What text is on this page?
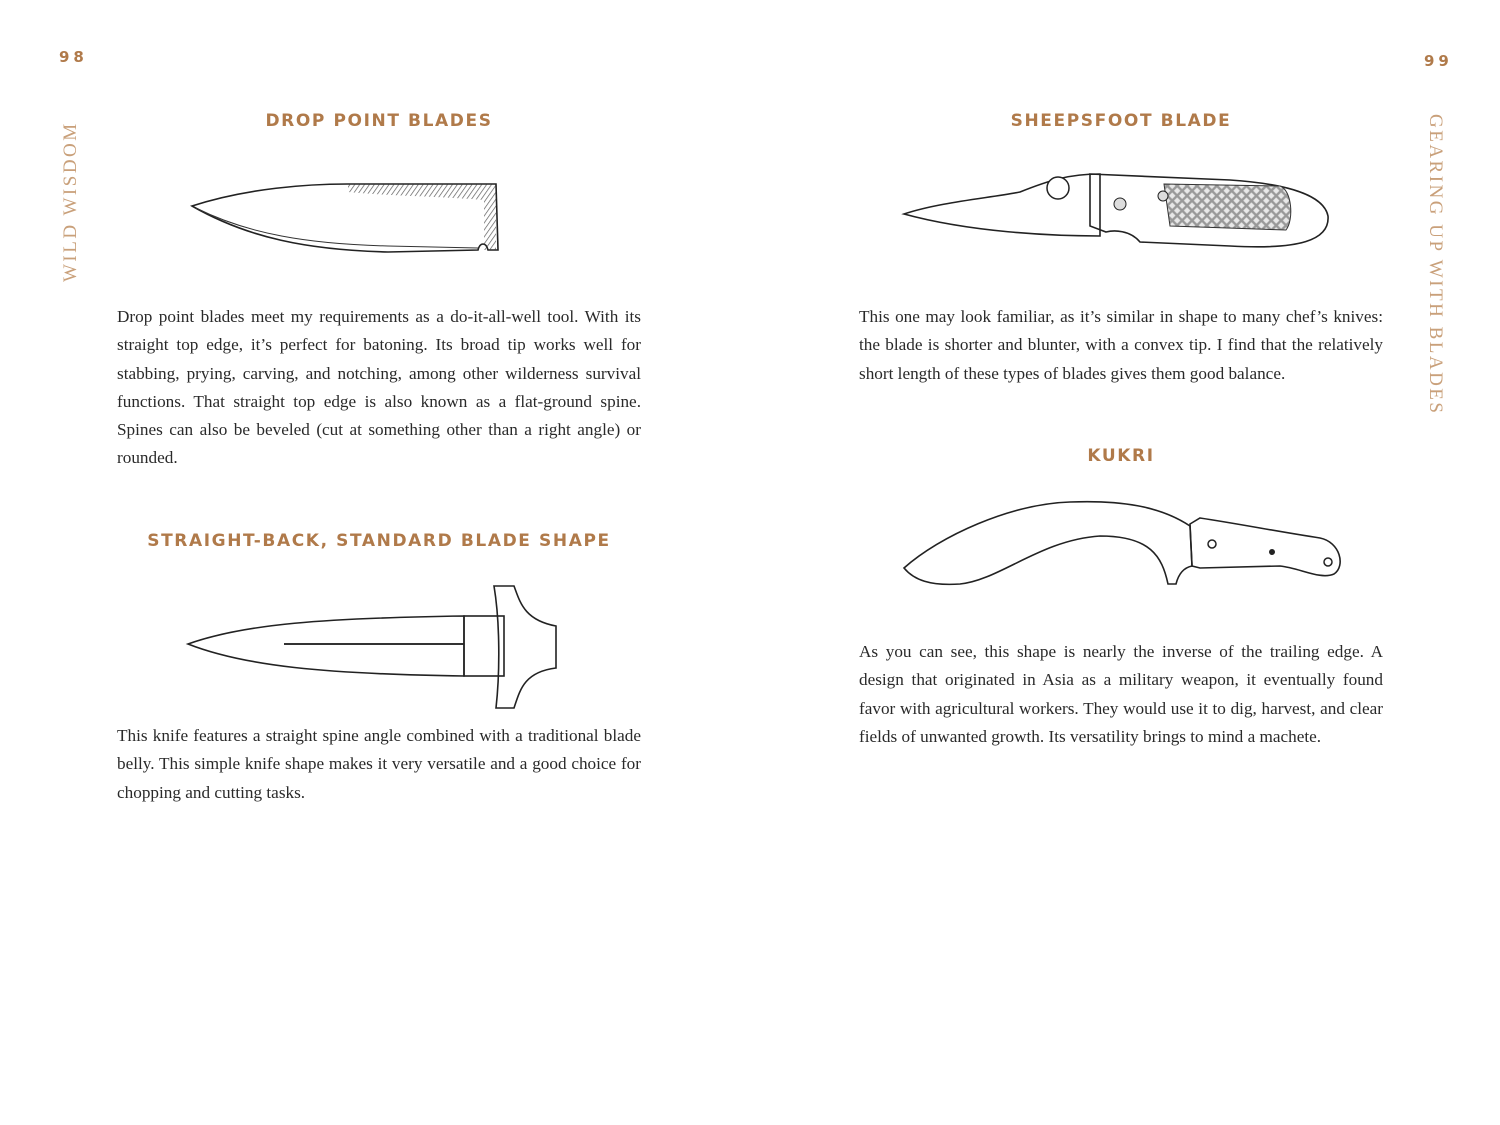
98
WILD WISDOM
DROP POINT BLADES

Drop point blades meet my requirements as a do-it-all-well tool. With its straight top edge, it’s perfect for batoning. Its broad tip works well for stabbing, prying, carving, and notching, among other wilderness survival functions. That straight top edge is also known as a flat-ground spine. Spines can also be beveled (cut at something other than a right angle) or rounded.

STRAIGHT-BACK, STANDARD BLADE SHAPE

This knife features a straight spine angle combined with a traditional blade belly. This simple knife shape makes it very versatile and a good choice for chopping and cutting tasks.

99
GEARING UP WITH BLADES
SHEEPSFOOT BLADE

This one may look familiar, as it’s similar in shape to many chef’s knives: the blade is shorter and blunter, with a convex tip. I find that the relatively short length of these types of blades gives them good balance.

KUKRI

As you can see, this shape is nearly the inverse of the trailing edge. A design that originated in Asia as a military weapon, it eventually found favor with agricultural workers. They would use it to dig, harvest, and clear fields of unwanted growth. Its versatility brings to mind a machete.
